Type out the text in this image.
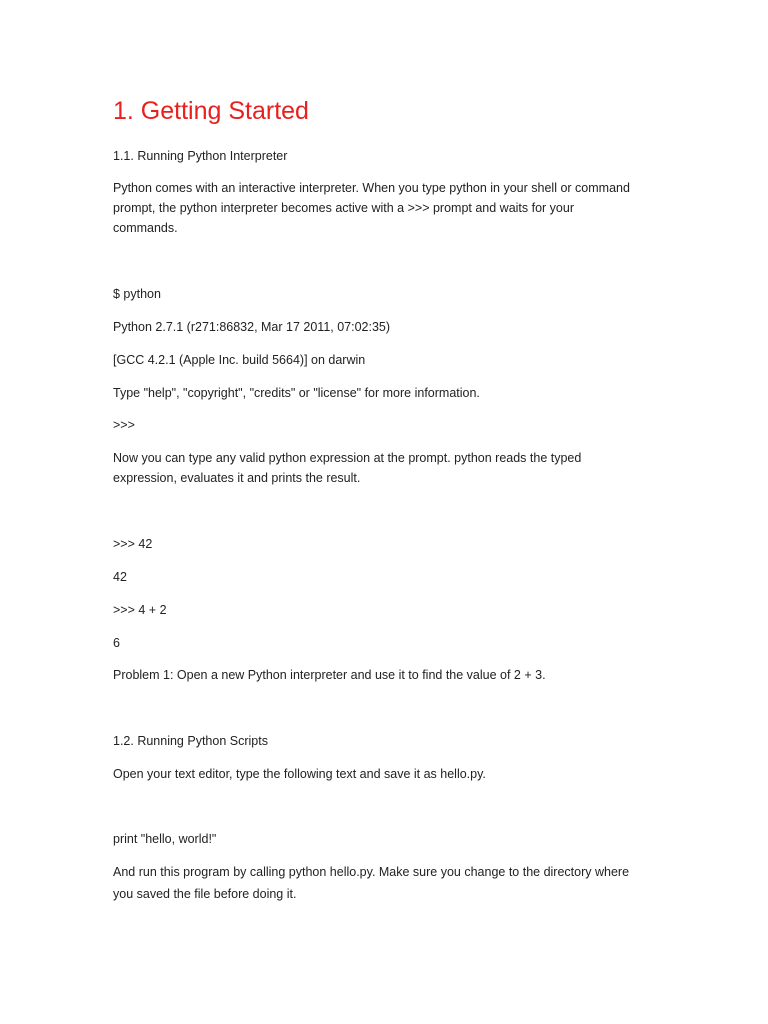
1. Getting Started
1.1. Running Python Interpreter
Python comes with an interactive interpreter. When you type python in your shell or command
prompt, the python interpreter becomes active with a >>> prompt and waits for your
commands.
$ python
Python 2.7.1 (r271:86832, Mar 17 2011, 07:02:35)
[GCC 4.2.1 (Apple Inc. build 5664)] on darwin
Type "help", "copyright", "credits" or "license" for more information.
>>>
Now you can type any valid python expression at the prompt. python reads the typed
expression, evaluates it and prints the result.
>>> 42
42
>>> 4 + 2
6
Problem 1: Open a new Python interpreter and use it to find the value of 2 + 3.
1.2. Running Python Scripts
Open your text editor, type the following text and save it as hello.py.
print "hello, world!"
And run this program by calling python hello.py. Make sure you change to the directory where
you saved the file before doing it.
